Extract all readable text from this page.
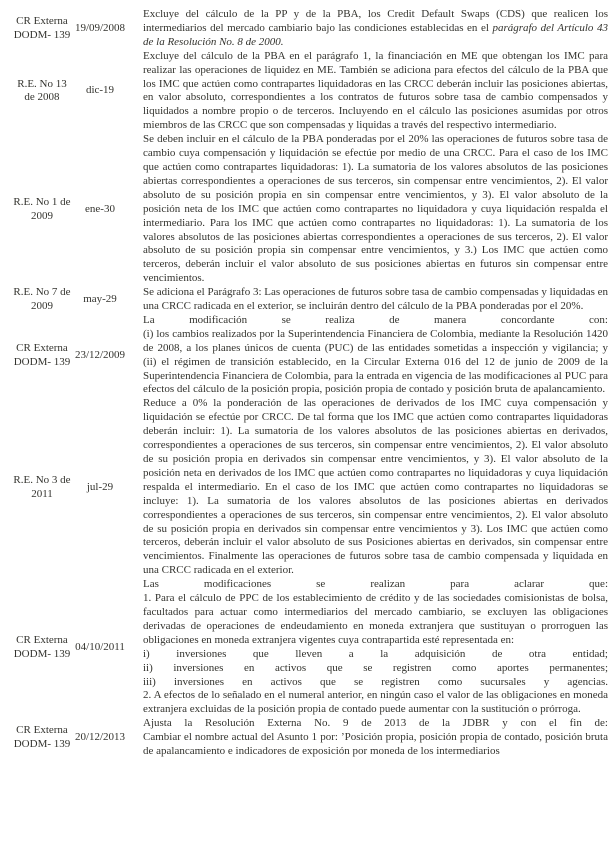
CR Externa
DODM- 139
19/09/2008

Excluye del cálculo de la PP y de la PBA, los Credit Default Swaps (CDS) que realicen los intermediarios del mercado cambiario bajo las condiciones establecidas en el parágrafo del Artículo 43 de la Resolución No. 8 de 2000.

R.E. No 13
de 2008
dic-19

Excluye del cálculo de la PBA en el parágrafo 1, la financiación en ME que obtengan los IMC para realizar las operaciones de liquidez en ME. También se adiciona para efectos del cálculo de la PBA que los IMC que actúen como contrapartes liquidadoras en las CRCC deberán incluir las posiciones abiertas, en valor absoluto, correspondientes a los contratos de futuros sobre tasa de cambio compensados y liquidados a nombre propio o de terceros. Incluyendo en el cálculo las posiciones asumidas por otros miembros de las CRCC que son compensadas y liquidas a través del respectivo intermediario.

R.E. No 1 de
2009
ene-30

Se deben incluir en el cálculo de la PBA ponderadas por el 20% las operaciones de futuros sobre tasa de cambio cuya compensación y liquidación se efectúe por medio de una CRCC. Para el caso de los IMC que actúen como contrapartes liquidadoras: 1). La sumatoria de los valores absolutos de las posiciones abiertas correspondientes a operaciones de sus terceros, sin compensar entre vencimientos, 2). El valor absoluto de su posición propia en sin compensar entre vencimientos, y 3). El valor absoluto de la posición neta de los IMC que actúen como contrapartes no liquidadora y cuya liquidación respalda el intermediario. Para los IMC que actúen como contrapartes no liquidadoras: 1). La sumatoria de los valores absolutos de las posiciones abiertas correspondientes a operaciones de sus terceros, 2). El valor absoluto de su posición propia sin compensar entre vencimientos, y 3.) Los IMC que actúen como terceros, deberán incluir el valor absoluto de sus posiciones abiertas en futuros sin compensar entre vencimientos.

R.E. No 7 de
2009
may-29

Se adiciona el Parágrafo 3: Las operaciones de futuros sobre tasa de cambio compensadas y liquidadas en una CRCC radicada en el exterior, se incluirán dentro del cálculo de la PBA ponderadas por el 20%.

CR Externa
DODM- 139
23/12/2009

La modificación se realiza de manera concordante con:

(i) los cambios realizados por la Superintendencia Financiera de Colombia, mediante la Resolución 1420 de 2008, a los planes únicos de cuenta (PUC) de las entidades sometidas a inspección y vigilancia; y

(ii) el régimen de transición establecido, en la Circular Externa 016 del 12 de junio de 2009 de la Superintendencia Financiera de Colombia, para la entrada en vigencia de las modificaciones al PUC para efectos del cálculo de la posición propia, posición propia de contado y posición bruta de apalancamiento.

R.E. No 3 de
2011
jul-29

Reduce a 0% la ponderación de las operaciones de derivados de los IMC cuya compensación y liquidación se efectúe por CRCC. De tal forma que los IMC que actúen como contrapartes liquidadoras deberán incluir: 1). La sumatoria de los valores absolutos de las posiciones abiertas en derivados, correspondientes a operaciones de sus terceros, sin compensar entre vencimientos, 2). El valor absoluto de su posición propia en derivados sin compensar entre vencimientos, y 3). El valor absoluto de la posición neta en derivados de los IMC que actúen como contrapartes no liquidadoras y cuya liquidación respalda el intermediario. En el caso de los IMC que actúen como contrapartes no liquidadoras se incluye: 1). La sumatoria de los valores absolutos de las posiciones abiertas en derivados correspondientes a operaciones de sus terceros, sin compensar entre vencimientos, 2). El valor absoluto de su posición propia en derivados sin compensar entre vencimientos y 3). Los IMC que actúen como terceros, deberán incluir el valor absoluto de sus Posiciones abiertas en derivados, sin compensar entre vencimientos. Finalmente las operaciones de futuros sobre tasa de cambio compensada y liquidada en una CRCC radicada en el exterior.

CR Externa
DODM- 139
04/10/2011

Las modificaciones se realizan para aclarar que:

1. Para el cálculo de PPC de los establecimiento de crédito y de las sociedades comisionistas de bolsa, facultados para actuar como intermediarios del mercado cambiario, se excluyen las obligaciones derivadas de operaciones de endeudamiento en moneda extranjera que sustituyan o prorroguen las obligaciones en moneda extranjera vigentes cuya contrapartida esté representada en:

i) inversiones que lleven a la adquisición de otra entidad;

ii) inversiones en activos que se registren como aportes permanentes;

iii) inversiones en activos que se registren como sucursales y agencias.

2. A efectos de lo señalado en el numeral anterior, en ningún caso el valor de las obligaciones en moneda extranjera excluidas de la posición propia de contado puede aumentar con la sustitución o prórroga.

CR Externa
DODM- 139
20/12/2013

Ajusta la Resolución Externa No. 9 de 2013 de la JDBR y con el fin de:

Cambiar el nombre actual del Asunto 1 por: ’Posición propia, posición propia de contado, posición bruta de apalancamiento e indicadores de exposición por moneda de los intermediarios
